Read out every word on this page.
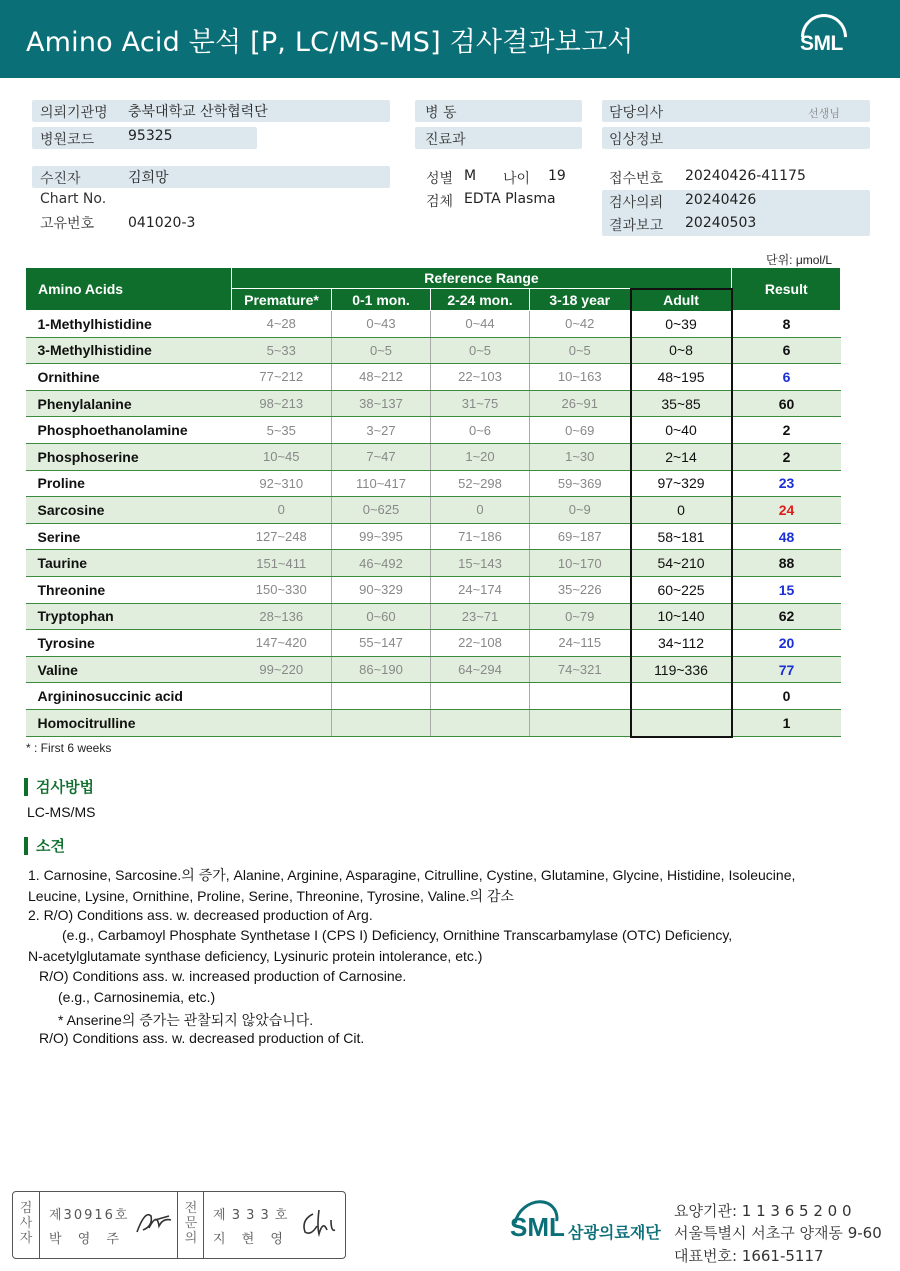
Amino Acid 분석 [P, LC/MS-MS] 검사결과보고서	SML
의뢰기관명 충북대학교 산학협력단
병원코드 95325
병 동
진료과
담당의사	선생님
임상정보
수진자	김희망
Chart No.
고유번호 041020-3
성별 M 나이 19
검체 EDTA Plasma
접수번호 20240426-41175
검사의뢰 20240426
결과보고 20240503
단위: μmol/L
Amino Acids	Reference Range					Result
	Premature*	0-1 mon.	2-24 mon.	3-18 year	Adult	
1-Methylhistidine	4~28	0~43	0~44	0~42	0~39	8
3-Methylhistidine	5~33	0~5	0~5	0~5	0~8	6
Ornithine	77~212	48~212	22~103	10~163	48~195	6
Phenylalanine	98~213	38~137	31~75	26~91	35~85	60
Phosphoethanolamine	5~35	3~27	0~6	0~69	0~40	2
Phosphoserine	10~45	7~47	1~20	1~30	2~14	2
Proline	92~310	110~417	52~298	59~369	97~329	23
Sarcosine	0	0~625	0	0~9	0	24
Serine	127~248	99~395	71~186	69~187	58~181	48
Taurine	151~411	46~492	15~143	10~170	54~210	88
Threonine	150~330	90~329	24~174	35~226	60~225	15
Tryptophan	28~136	0~60	23~71	0~79	10~140	62
Tyrosine	147~420	55~147	22~108	24~115	34~112	20
Valine	99~220	86~190	64~294	74~321	119~336	77
Argininosuccinic acid						0
Homocitrulline						1
* : First 6 weeks
검사방법
LC-MS/MS
소견
1. Carnosine, Sarcosine.의 증가, Alanine, Arginine, Asparagine, Citrulline, Cystine, Glutamine, Glycine, Histidine, Isoleucine,
Leucine, Lysine, Ornithine, Proline, Serine, Threonine, Tyrosine, Valine.의 감소
2. R/O) Conditions ass. w. decreased production of Arg.
(e.g., Carbamoyl Phosphate Synthetase I (CPS I) Deficiency, Ornithine Transcarbamylase (OTC) Deficiency,
N-acetylglutamate synthase deficiency, Lysinuric protein intolerance, etc.)
R/O) Conditions ass. w. increased production of Carnosine.
(e.g., Carnosinemia, etc.)
* Anserine의 증가는 관찰되지 않았습니다.
R/O) Conditions ass. w. decreased production of Cit.
검사자
제30916호
박 영 주
전문의
제 3 3 3 호
지 현 영	SML 삼광의료재단
요양기관: 1 1 3 6 5 2 0 0
서울특별시 서초구 양재동 9-60
대표번호: 1661-5117
